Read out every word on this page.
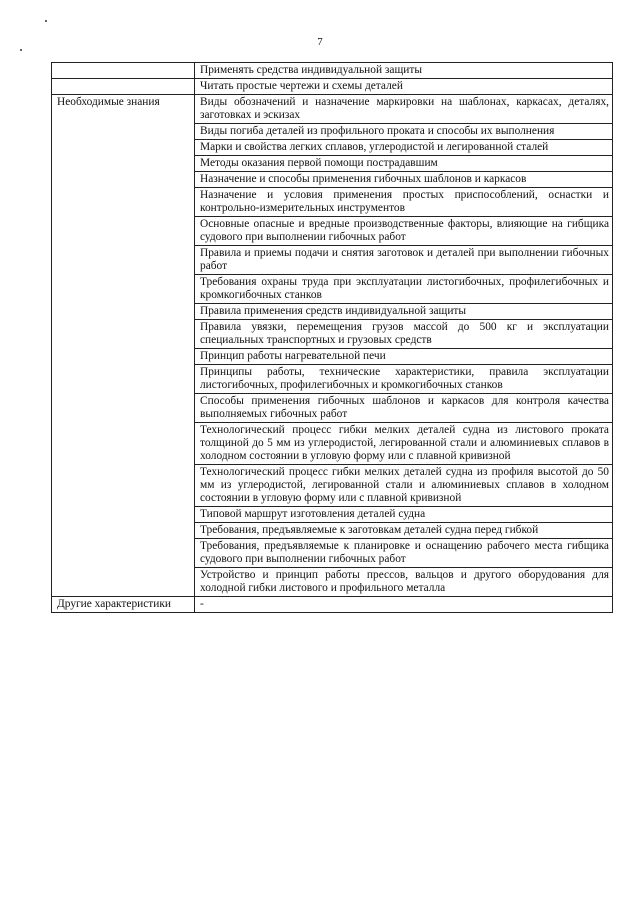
7
	Применять средства индивидуальной защиты
	Читать простые чертежи и схемы деталей
Необходимые знания	Виды обозначений и назначение маркировки на шаблонах, каркасах, деталях, заготовках и эскизах
	Виды погиба деталей из профильного проката и способы их выполнения
	Марки и свойства легких сплавов, углеродистой и легированной сталей
	Методы оказания первой помощи пострадавшим
	Назначение и способы применения гибочных шаблонов и каркасов
	Назначение и условия применения простых приспособлений, оснастки и контрольно-измерительных инструментов
	Основные опасные и вредные производственные факторы, влияющие на гибщика судового при выполнении гибочных работ
	Правила и приемы подачи и снятия заготовок и деталей при выполнении гибочных работ
	Требования охраны труда при эксплуатации листогибочных, профилегибочных и кромкогибочных станков
	Правила применения средств индивидуальной защиты
	Правила увязки, перемещения грузов массой до 500 кг и эксплуатации специальных транспортных и грузовых средств
	Принцип работы нагревательной печи
	Принципы работы, технические характеристики, правила эксплуатации листогибочных, профилегибочных и кромкогибочных станков
	Способы применения гибочных шаблонов и каркасов для контроля качества выполняемых гибочных работ
	Технологический процесс гибки мелких деталей судна из листового проката толщиной до 5 мм из углеродистой, легированной стали и алюминиевых сплавов в холодном состоянии в угловую форму или с плавной кривизной
	Технологический процесс гибки мелких деталей судна из профиля высотой до 50 мм из углеродистой, легированной стали и алюминиевых сплавов в холодном состоянии в угловую форму или с плавной кривизной
	Типовой маршрут изготовления деталей судна
	Требования, предъявляемые к заготовкам деталей судна перед гибкой
	Требования, предъявляемые к планировке и оснащению рабочего места гибщика судового при выполнении гибочных работ
	Устройство и принцип работы прессов, вальцов и другого оборудования для холодной гибки листового и профильного металла
Другие характеристики	-
